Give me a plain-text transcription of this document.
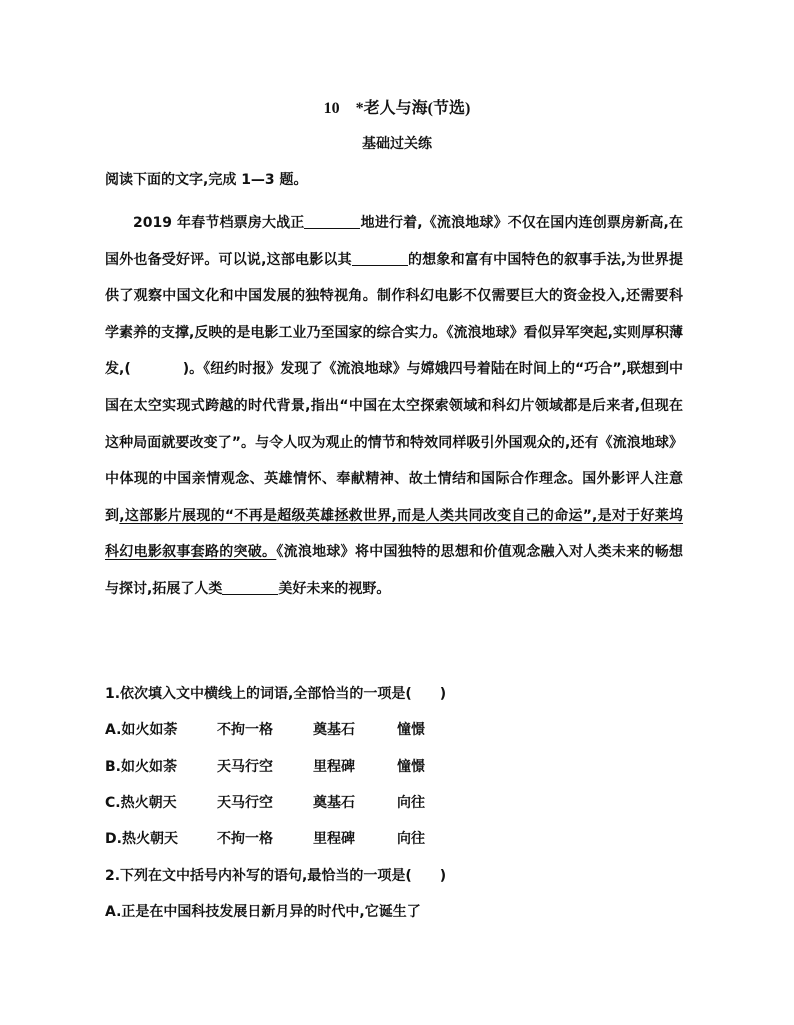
10　*老人与海(节选)
基础过关练
阅读下面的文字,完成 1—3 题。

2019 年春节档票房大战正	地进行着,《流浪地球》不仅在国内连创票房新高,在国外也备受好评。可以说,这部电影以其	的想象和富有中国特色的叙事手法,为世界提供了观察中国文化和中国发展的独特视角。制作科幻电影不仅需要巨大的资金投入,还需要科学素养的支撑,反映的是电影工业乃至国家的综合实力。《流浪地球》看似异军突起,实则厚积薄发,(	)。《纽约时报》发现了《流浪地球》与嫦娥四号着陆在时间上的“巧合”,联想到中国在太空实现式跨越的时代背景,指出“中国在太空探索领域和科幻片领域都是后来者,但现在这种局面就要改变了”。与令人叹为观止的情节和特效同样吸引外国观众的,还有《流浪地球》中体现的中国亲情观念、英雄情怀、奉献精神、故土情结和国际合作理念。国外影评人注意到,这部影片展现的“不再是超级英雄拯救世界,而是人类共同改变自己的命运”,是对于好莱坞科幻电影叙事套路的突破。《流浪地球》将中国独特的思想和价值观念融入对人类未来的畅想与探讨,拓展了人类	美好未来的视野。

1.依次填入文中横线上的词语,全部恰当的一项是(　　)
A.如火如荼	不拘一格	奠基石	憧憬
B.如火如荼	天马行空	里程碑	憧憬
C.热火朝天	天马行空	奠基石	向往
D.热火朝天	不拘一格	里程碑	向往
2.下列在文中括号内补写的语句,最恰当的一项是(　　)
A.正是在中国科技发展日新月异的时代中,它诞生了
